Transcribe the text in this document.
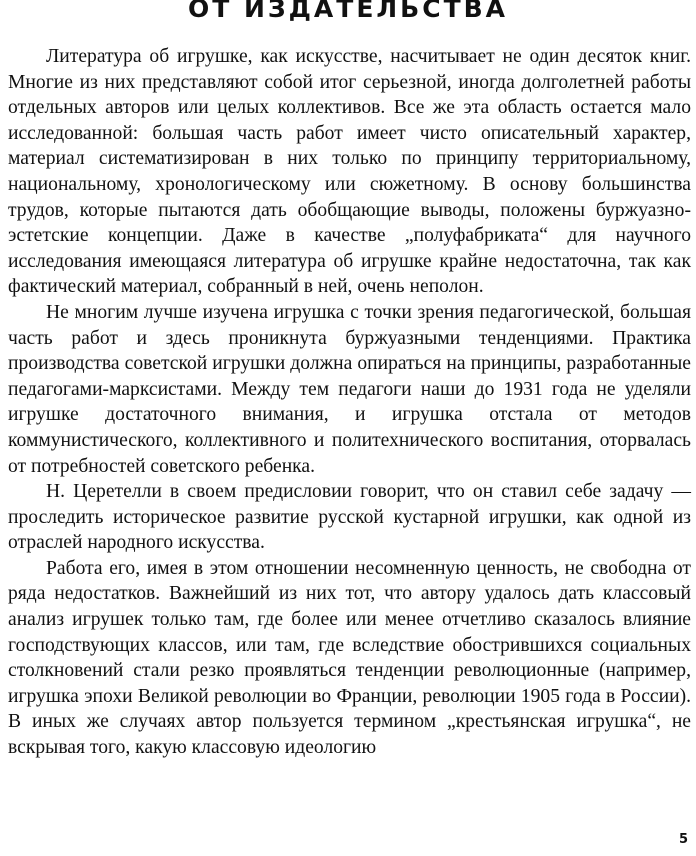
ОТ ИЗДАТЕЛЬСТВА

Литература об игрушке, как искусстве, насчитывает не один десяток книг. Многие из них представляют собой итог серьезной, иногда долголетней работы отдельных авторов или целых коллективов. Все же эта область остается мало исследованной: большая часть работ имеет чисто описательный характер, материал систематизирован в них только по принципу территориальному, национальному, хронологическому или сюжетному. В основу большинства трудов, которые пытаются дать обобщающие выводы, положены буржуазно-эстетские концепции. Даже в качестве „полуфабриката“ для научного исследования имеющаяся литература об игрушке крайне недостаточна, так как фактический материал, собранный в ней, очень неполон.

Не многим лучше изучена игрушка с точки зрения педагогической, большая часть работ и здесь проникнута буржуазными тенденциями. Практика производства советской игрушки должна опираться на принципы, разработанные педагогами-марксистами. Между тем педагоги наши до 1931 года не уделяли игрушке достаточного внимания, и игрушка отстала от методов коммунистического, коллективного и политехнического воспитания, оторвалась от потребностей советского ребенка.

Н. Церетелли в своем предисловии говорит, что он ставил себе задачу — проследить историческое развитие русской кустарной игрушки, как одной из отраслей народного искусства.

Работа его, имея в этом отношении несомненную ценность, не свободна от ряда недостатков. Важнейший из них тот, что автору удалось дать классовый анализ игрушек только там, где более или менее отчетливо сказалось влияние господствующих классов, или там, где вследствие обострившихся социальных столкновений стали резко проявляться тенденции революционные (например, игрушка эпохи Великой революции во Франции, революции 1905 года в России). В иных же случаях автор пользуется термином „крестьянская игрушка“, не вскрывая того, какую классовую идеологию

5
